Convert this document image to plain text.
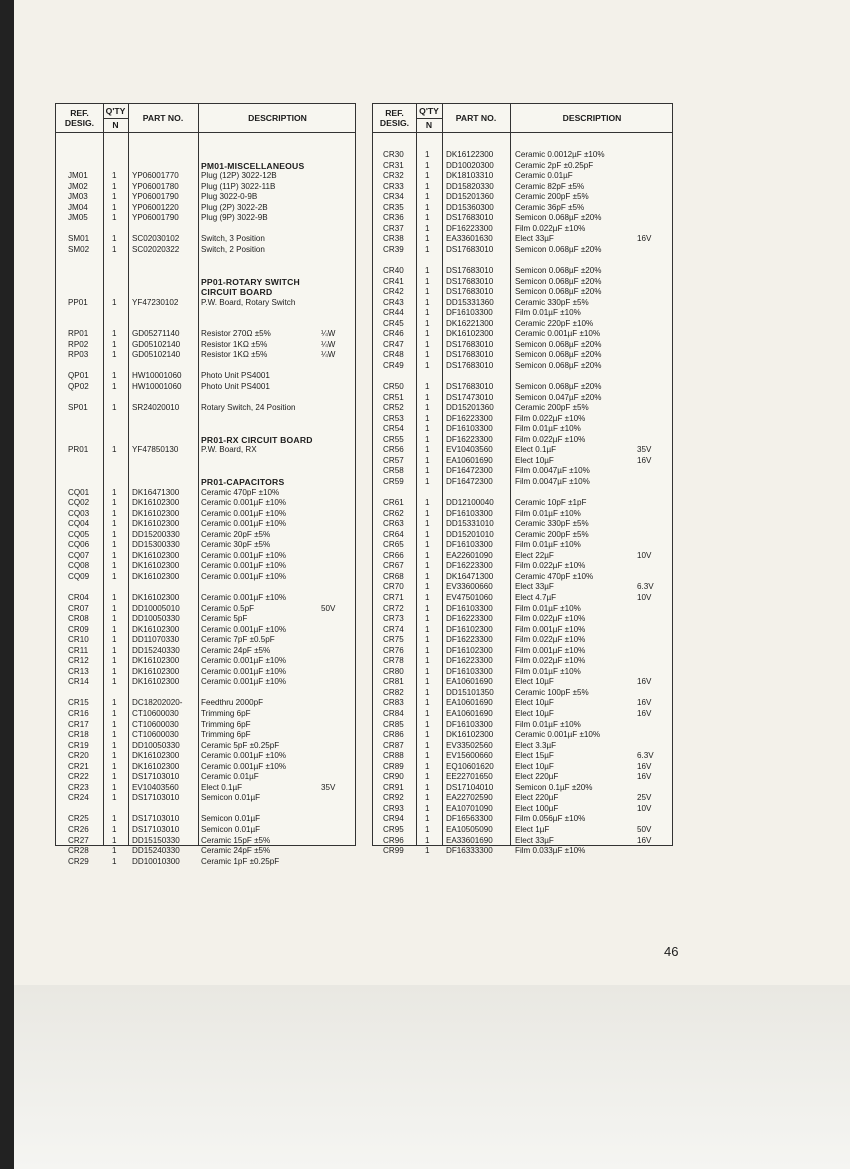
REF.
DESIG.
Q'TY
N
PART NO.	DESCRIPTION
PM01-MISCELLANEOUS
JM01	1 YP06001770	Plug (12P) 3022-12B
JM02	1 YP06001780	Plug (11P) 3022-11B
JM03	1 YP06001790	Plug 3022-0-9B
JM04	1 YP06001220	Plug (2P) 3022-2B
JM05	1 YP06001790	Plug (9P) 3022-9B
SM01	1 SC02030102	Switch, 3 Position
SM02	1 SC02020322	Switch, 2 Position
PP01-ROTARY SWITCH
CIRCUIT BOARD
PP01	1 YF47230102	P.W. Board, Rotary Switch
RP01	1 GD05271140	Resistor 270Ω ±5%	¼W
RP02	1 GD05102140	Resistor 1KΩ ±5%	¼W
RP03	1 GD05102140	Resistor 1KΩ ±5%	¼W
QP01	1 HW10001060 Photo Unit PS4001
QP02	1 HW10001060 Photo Unit PS4001
SP01	1 SR24020010	Rotary Switch, 24 Position
PR01-RX CIRCUIT BOARD
PR01	1 YF47850130	P.W. Board, RX
PR01-CAPACITORS
CQ01	1 DK16471300	Ceramic 470pF ±10%
CQ02	1 DK16102300	Ceramic 0.001µF ±10%
CQ03	1 DK16102300	Ceramic 0.001µF ±10%
CQ04	1 DK16102300	Ceramic 0.001µF ±10%
CQ05	1 DD15200330	Ceramic 20pF ±5%
CQ06	1 DD15300330	Ceramic 30pF ±5%
CQ07	1 DK16102300	Ceramic 0.001µF ±10%
CQ08	1 DK16102300	Ceramic 0.001µF ±10%
CQ09	1 DK16102300	Ceramic 0.001µF ±10%
CR04	1 DK16102300	Ceramic 0.001µF ±10%
CR07	1 DD10005010	Ceramic 0.5pF	50V
CR08	1 DD10050330	Ceramic 5pF
CR09	1 DK16102300	Ceramic 0.001µF ±10%
CR10	1 DD11070330	Ceramic 7pF ±0.5pF
CR11	1 DD15240330	Ceramic 24pF ±5%
CR12	1 DK16102300	Ceramic 0.001µF ±10%
CR13	1 DK16102300	Ceramic 0.001µF ±10%
CR14	1 DK16102300	Ceramic 0.001µF ±10%
CR15	1 DC18202020- Feedthru 2000pF
CR16	1 CT10600030	Trimming 6pF
CR17	1 CT10600030	Trimming 6pF
CR18	1 CT10600030	Trimming 6pF
CR19	1 DD10050330	Ceramic 5pF ±0.25pF
CR20	1 DK16102300	Ceramic 0.001µF ±10%
CR21	1 DK16102300	Ceramic 0.001µF ±10%
CR22	1 DS17103010	Ceramic 0.01µF
CR23	1 EV10403560	Elect 0.1µF	35V
CR24	1 DS17103010	Semicon 0.01µF
CR25	1 DS17103010	Semicon 0.01µF
CR26	1 DS17103010	Semicon 0.01µF
CR27	1 DD15150330	Ceramic 15pF ±5%
CR28	1 DD15240330	Ceramic 24pF ±5%
CR29	1 DD10010300	Ceramic 1pF ±0.25pF
REF.
DESIG.
Q'TY
N
PART NO.	DESCRIPTION
CR30	1 DK16122300	Ceramic 0.0012µF ±10%
CR31	1 DD10020300	Ceramic 2pF ±0.25pF
CR32	1 DK18103310	Ceramic 0.01µF
CR33	1 DD15820330	Ceramic 82pF ±5%
CR34	1 DD15201360	Ceramic 200pF ±5%
CR35	1 DD15360300	Ceramic 36pF ±5%
CR36	1 DS17683010	Semicon 0.068µF ±20%
CR37	1 DF16223300	Film 0.022µF ±10%
CR38	1 EA33601630	Elect 33µF	16V
CR39	1 DS17683010	Semicon 0.068µF ±20%
CR40	1 DS17683010	Semicon 0.068µF ±20%
CR41	1 DS17683010	Semicon 0.068µF ±20%
CR42	1 DS17683010	Semicon 0.068µF ±20%
CR43	1 DD15331360	Ceramic 330pF ±5%
CR44	1 DF16103300	Film 0.01µF ±10%
CR45	1 DK16221300	Ceramic 220pF ±10%
CR46	1 DK16102300	Ceramic 0.001µF ±10%
CR47	1 DS17683010	Semicon 0.068µF ±20%
CR48	1 DS17683010	Semicon 0.068µF ±20%
CR49	1 DS17683010	Semicon 0.068µF ±20%
CR50	1 DS17683010	Semicon 0.068µF ±20%
CR51	1 DS17473010	Semicon 0.047µF ±20%
CR52	1 DD15201360	Ceramic 200pF ±5%
CR53	1 DF16223300	Film 0.022µF ±10%
CR54	1 DF16103300	Film 0.01µF ±10%
CR55	1 DF16223300	Film 0.022µF ±10%
CR56	1 EV10403560	Elect 0.1µF	35V
CR57	1 EA10601690	Elect 10µF	16V
CR58	1 DF16472300	Film 0.0047µF ±10%
CR59	1 DF16472300	Film 0.0047µF ±10%
CR61	1 DD12100040	Ceramic 10pF ±1pF
CR62	1 DF16103300	Film 0.01µF ±10%
CR63	1 DD15331010	Ceramic 330pF ±5%
CR64	1 DD15201010	Ceramic 200pF ±5%
CR65	1 DF16103300	Film 0.01µF ±10%
CR66	1 EA22601090	Elect 22µF	10V
CR67	1 DF16223300	Film 0.022µF ±10%
CR68	1 DK16471300	Ceramic 470pF ±10%
CR70	1 EV33600660	Elect 33µF	6.3V
CR71	1 EV47501060	Elect 4.7µF	10V
CR72	1 DF16103300	Film 0.01µF ±10%
CR73	1 DF16223300	Film 0.022µF ±10%
CR74	1 DF16102300	Film 0.001µF ±10%
CR75	1 DF16223300	Film 0.022µF ±10%
CR76	1 DF16102300	Film 0.001µF ±10%
CR78	1 DF16223300	Film 0.022µF ±10%
CR80	1 DF16103300	Film 0.01µF ±10%
CR81	1 EA10601690	Elect 10µF	16V
CR82	1 DD15101350	Ceramic 100pF ±5%
CR83	1 EA10601690	Elect 10µF	16V
CR84	1 EA10601690	Elect 10µF	16V
CR85	1 DF16103300	Film 0.01µF ±10%
CR86	1 DK16102300	Ceramic 0.001µF ±10%
CR87	1 EV33502560	Elect 3.3µF
CR88	1 EV15600660	Elect 15µF	6.3V
CR89	1 EQ10601620	Elect 10µF	16V
CR90	1 EE22701650	Elect 220µF	16V
CR91	1 DS17104010	Semicon 0.1µF ±20%
CR92	1 EA22702590	Elect 220µF	25V
CR93	1 EA10701090	Elect 100µF	10V
CR94	1 DF16563300	Film 0.056µF ±10%
CR95	1 EA10505090	Elect 1µF	50V
CR96	1 EA33601690	Elect 33µF	16V
CR99	1 DF16333300	Film 0.033µF ±10%
46
